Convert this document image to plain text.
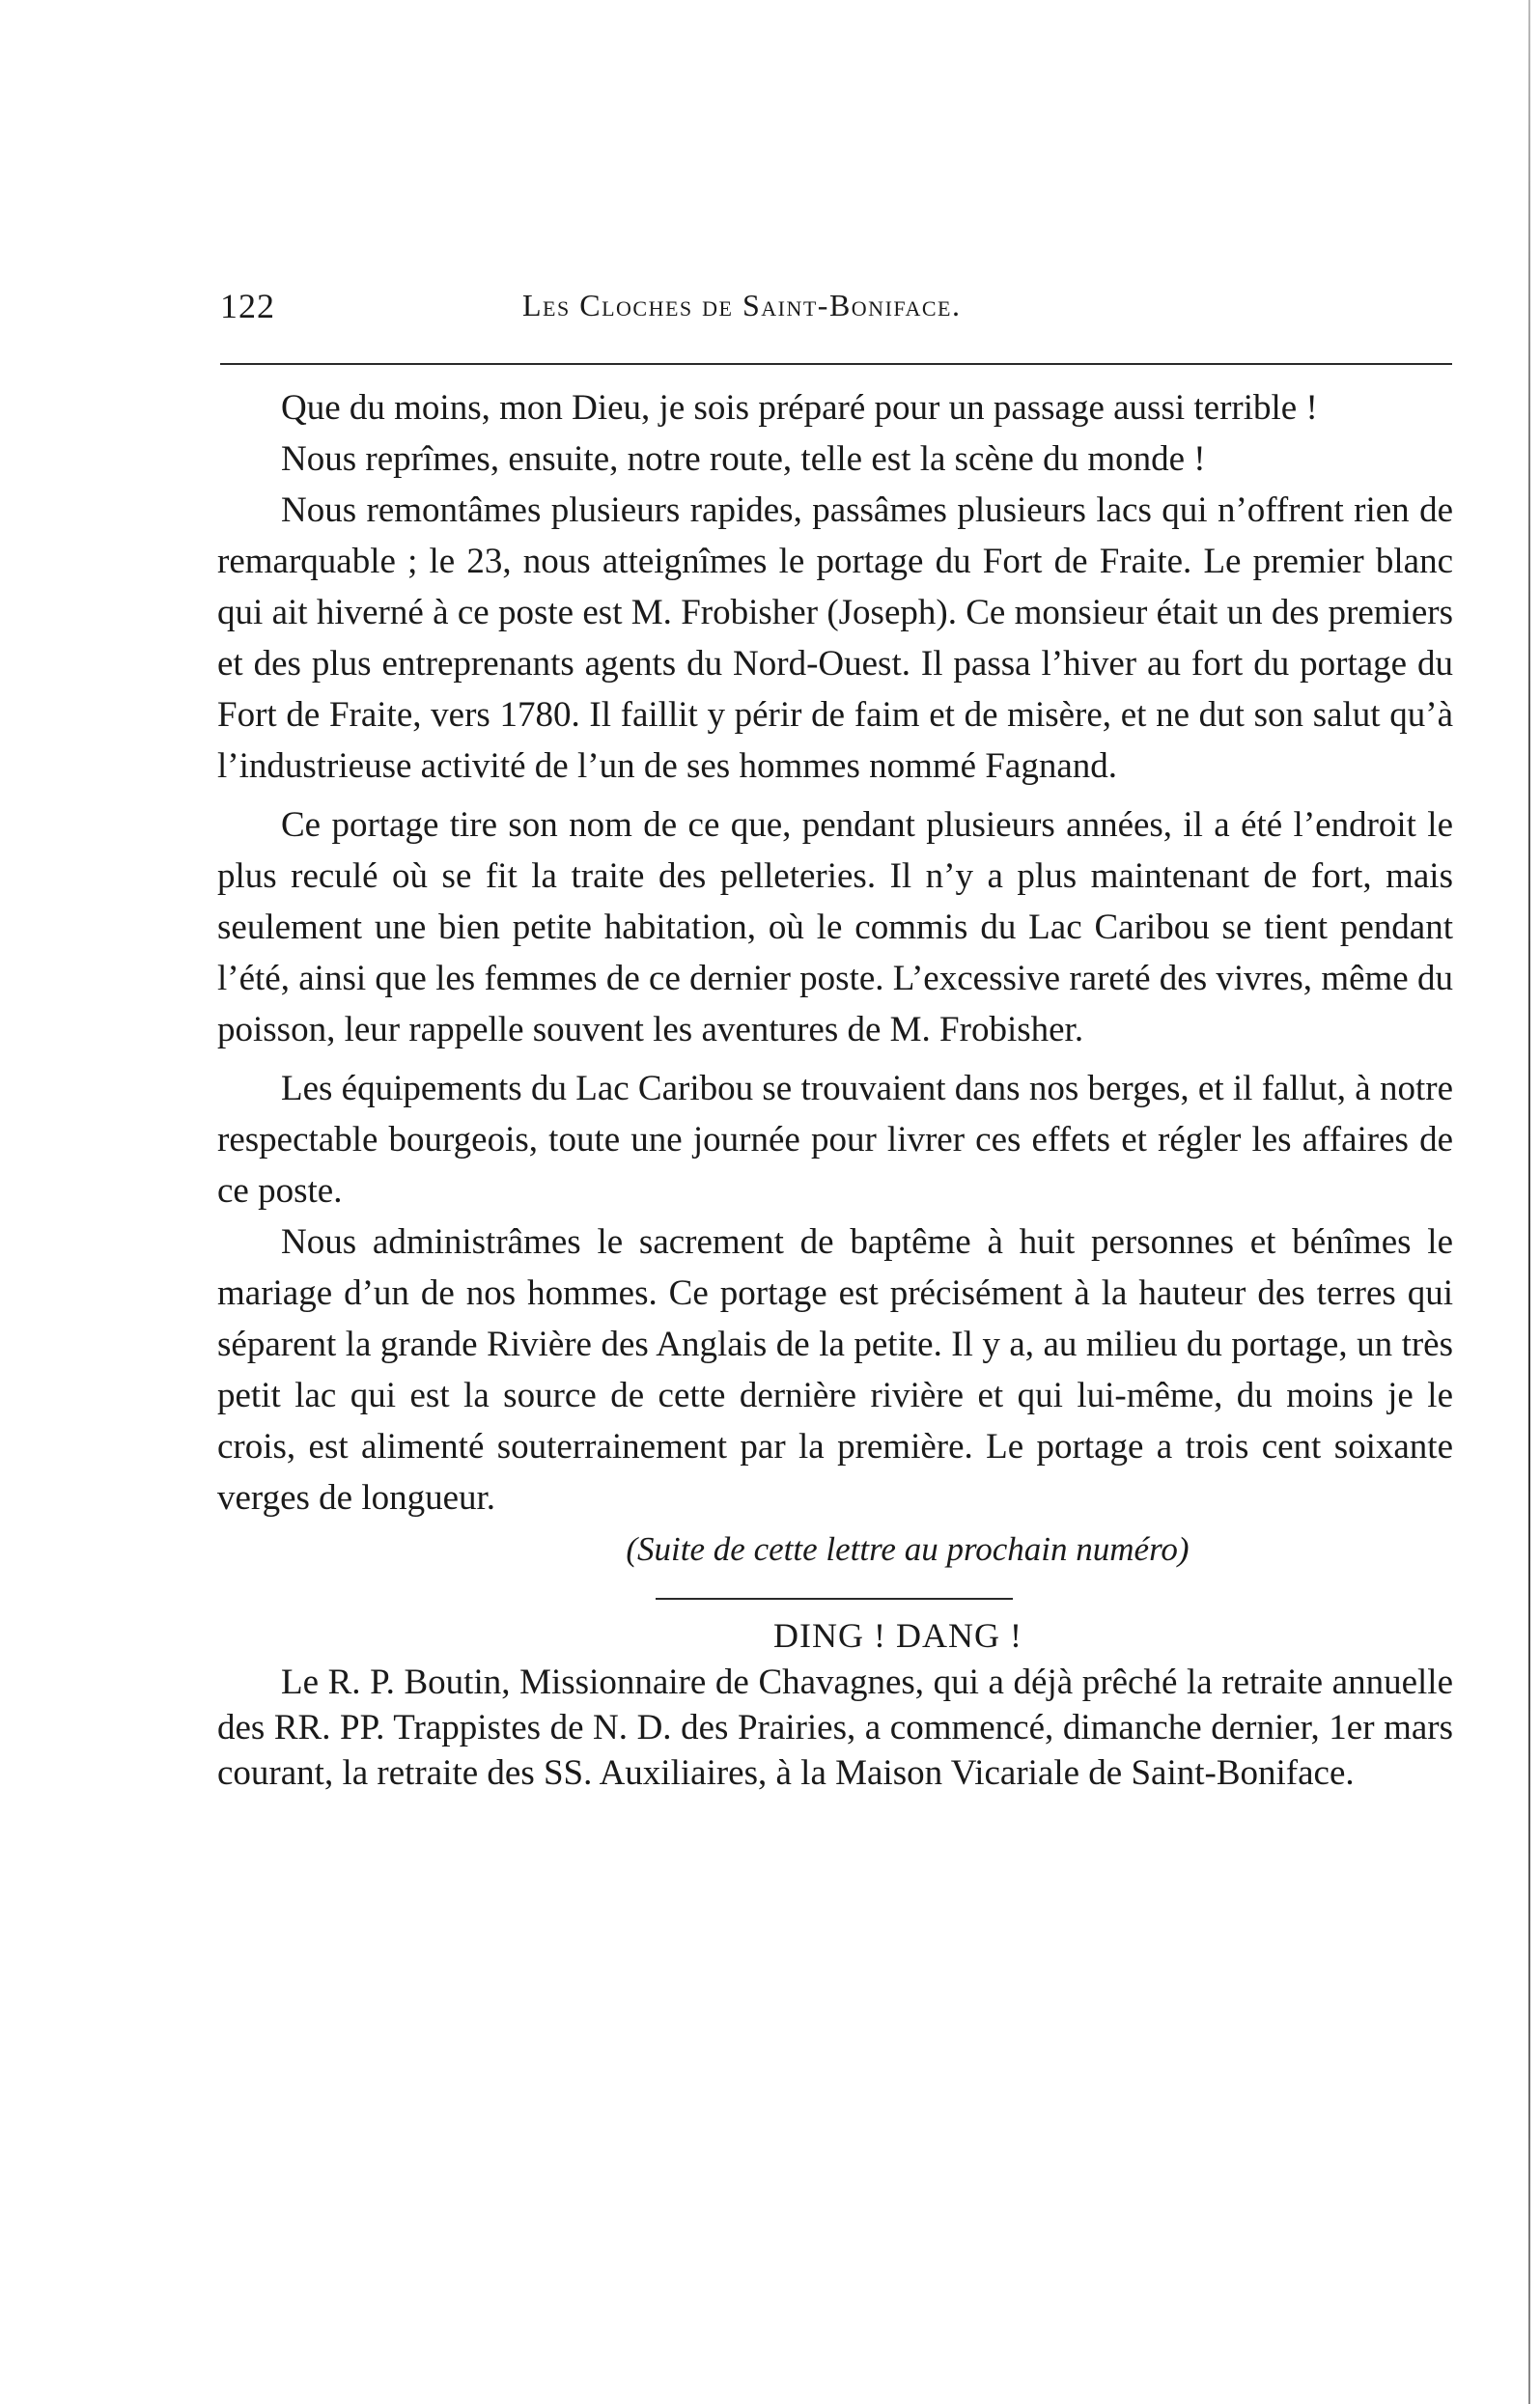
122	Les Cloches de Saint-Boniface.

Que du moins, mon Dieu, je sois préparé pour un passage aussi terrible !

Nous reprîmes, ensuite, notre route, telle est la scène du monde !

Nous remontâmes plusieurs rapides, passâmes plusieurs lacs qui n’offrent rien de remarquable ; le 23, nous atteignîmes le portage du Fort de Fraite. Le premier blanc qui ait hiverné à ce poste est M. Frobisher (Joseph). Ce monsieur était un des premiers et des plus entreprenants agents du Nord-Ouest. Il passa l’hiver au fort du portage du Fort de Fraite, vers 1780. Il faillit y périr de faim et de misère, et ne dut son salut qu’à l’industrieuse activité de l’un de ses hommes nommé Fagnand.

Ce portage tire son nom de ce que, pendant plusieurs années, il a été l’endroit le plus reculé où se fit la traite des pelleteries. Il n’y a plus maintenant de fort, mais seulement une bien petite habitation, où le commis du Lac Caribou se tient pendant l’été, ainsi que les femmes de ce dernier poste. L’excessive rareté des vivres, même du poisson, leur rappelle souvent les aventures de M. Frobisher.

Les équipements du Lac Caribou se trouvaient dans nos berges, et il fallut, à notre respectable bourgeois, toute une journée pour livrer ces effets et régler les affaires de ce poste.

Nous administrâmes le sacrement de baptême à huit personnes et bénîmes le mariage d’un de nos hommes. Ce portage est précisément à la hauteur des terres qui séparent la grande Rivière des Anglais de la petite. Il y a, au milieu du portage, un très petit lac qui est la source de cette dernière rivière et qui lui-même, du moins je le crois, est alimenté souterrainement par la première. Le portage a trois cent soixante verges de longueur.

(Suite de cette lettre au prochain numéro)
DING ! DANG !

Le R. P. Boutin, Missionnaire de Chavagnes, qui a déjà prêché la retraite annuelle des RR. PP. Trappistes de N. D. des Prairies, a commencé, dimanche dernier, 1er mars courant, la retraite des SS. Auxiliaires, à la Maison Vicariale de Saint-Boniface.
